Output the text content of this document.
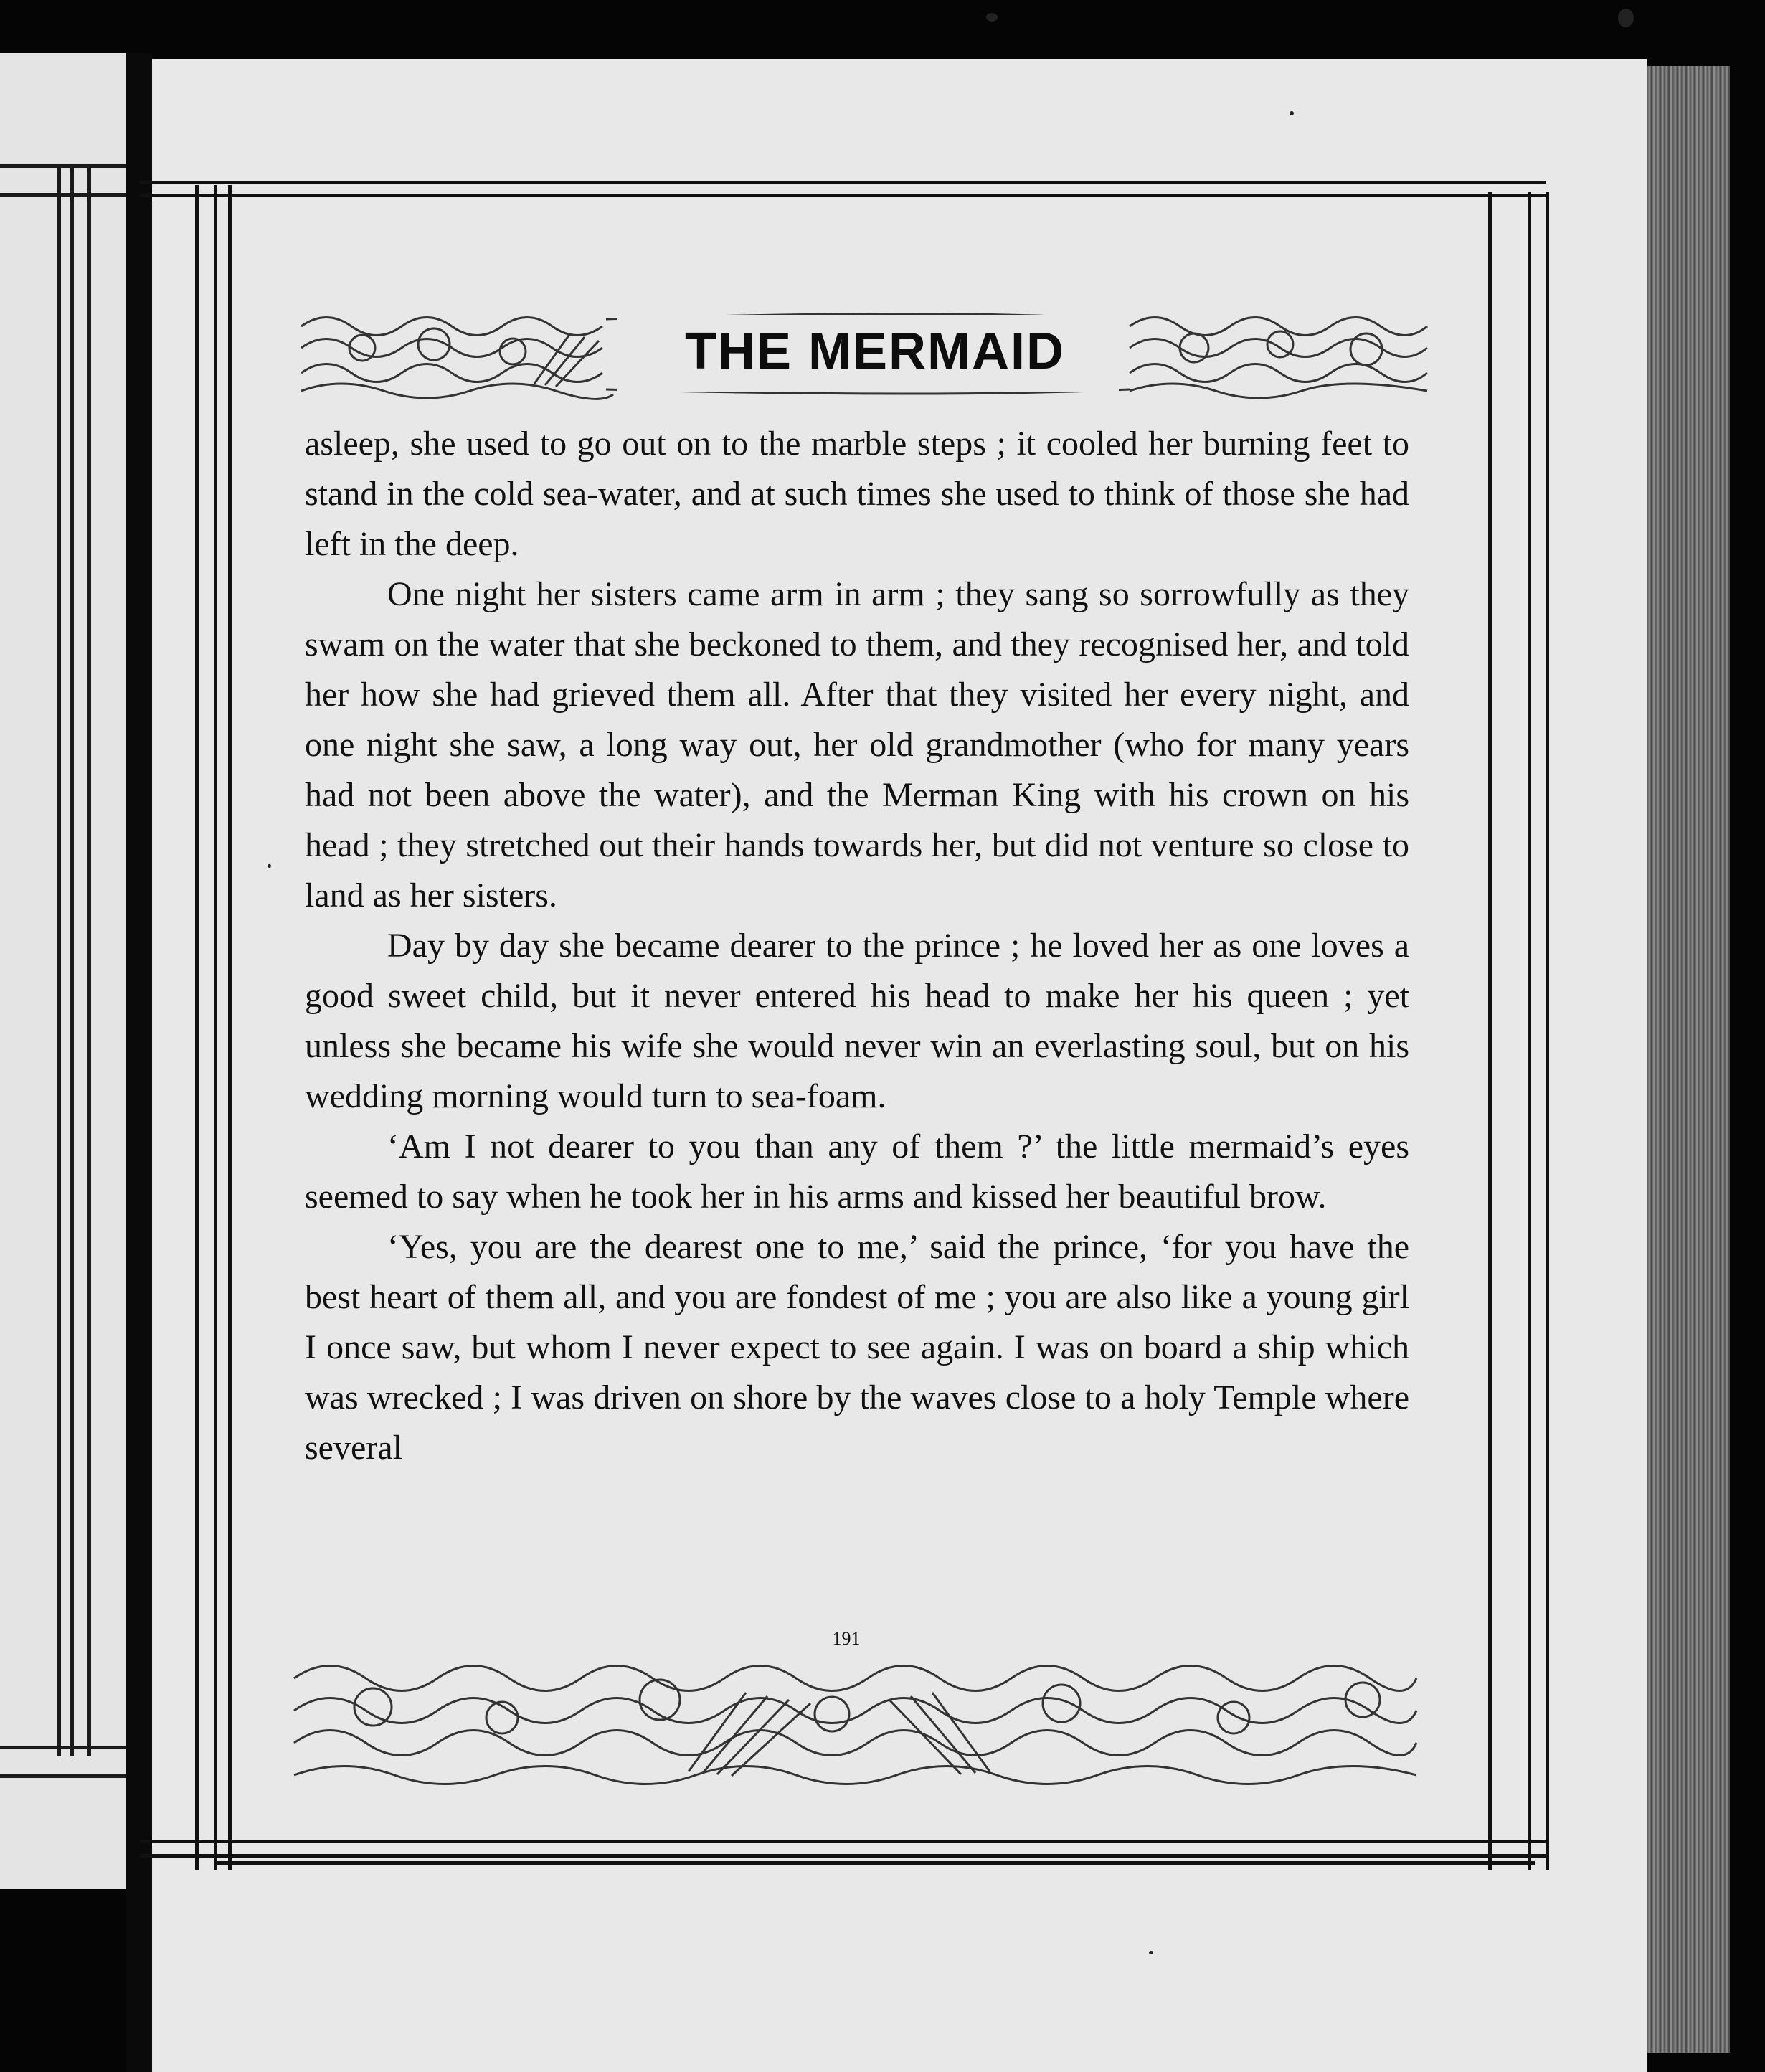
THE MERMAID

asleep, she used to go out on to the marble steps ; it cooled her burning feet to stand in the cold sea-water, and at such times she used to think of those she had left in the deep.

One night her sisters came arm in arm ; they sang so sorrowfully as they swam on the water that she beckoned to them, and they recognised her, and told her how she had grieved them all. After that they visited her every night, and one night she saw, a long way out, her old grandmother (who for many years had not been above the water), and the Merman King with his crown on his head ; they stretched out their hands towards her, but did not venture so close to land as her sisters.

Day by day she became dearer to the prince ; he loved her as one loves a good sweet child, but it never entered his head to make her his queen ; yet unless she became his wife she would never win an everlasting soul, but on his wedding morning would turn to sea-foam.

‘Am I not dearer to you than any of them ?’ the little mermaid’s eyes seemed to say when he took her in his arms and kissed her beautiful brow.

‘Yes, you are the dearest one to me,’ said the prince, ‘for you have the best heart of them all, and you are fondest of me ; you are also like a young girl I once saw, but whom I never expect to see again. I was on board a ship which was wrecked ; I was driven on shore by the waves close to a holy Temple where several

191
